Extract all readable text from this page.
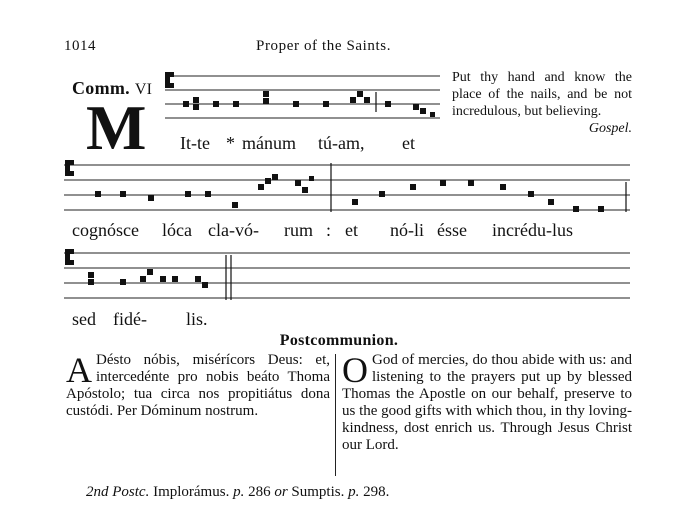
1014	Proper of the Saints.
Comm. VI
M
Put thy hand and know the place of the nails, and be not incredulous, but believing.
Gospel.
It-te * mánum tú-am, et
cognósce lóca cla-vó- rum : et nó-li ésse incrédu-lus
sed fidé- lis.
Postcommunion.
A Désto nóbis, misérícors Deus: et, intercedénte pro nobis beáto Thoma Apóstolo; tua circa nos propitiátus dona custódi. Per Dóminum nostrum.
O God of mercies, do thou abide with us: and listening to the prayers put up by blessed Thomas the Apostle on our behalf, preserve to us the good gifts with which thou, in thy loving-kindness, dost enrich us. Through Jesus Christ our Lord.
2nd Postc. Implorámus. p. 286 or Sumptis. p. 298.
